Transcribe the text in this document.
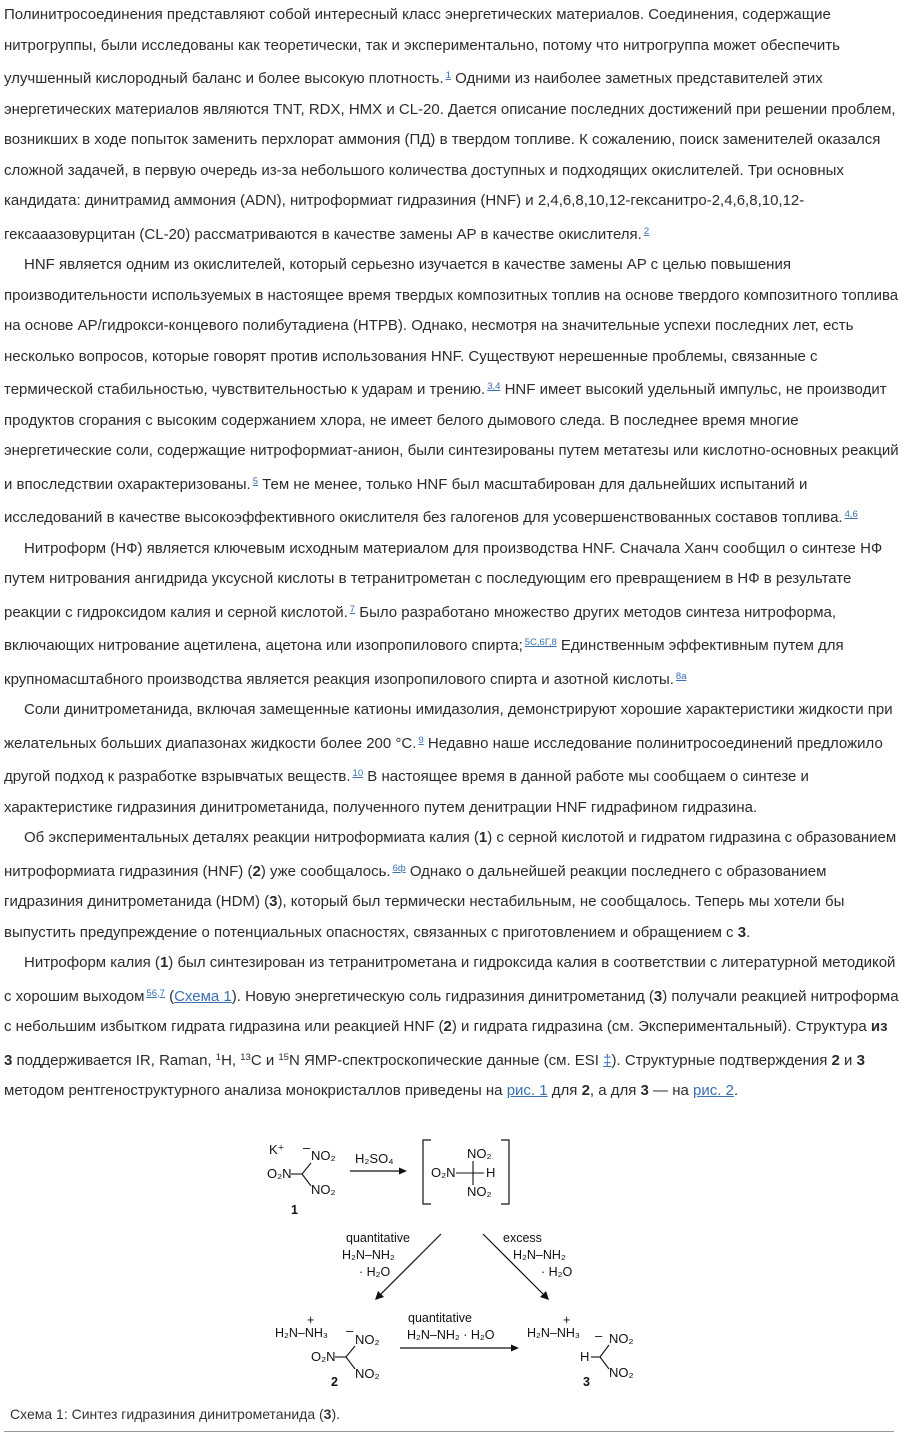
Полинитросоединения представляют собой интересный класс энергетических материалов. Соединения, содержащие нитрогруппы, были исследованы как теоретически, так и экспериментально, потому что нитрогруппа может обеспечить улучшенный кислородный баланс и более высокую плотность. $^1$ Одними из наиболее заметных представителей этих энергетических материалов являются TNT, RDX, HMX и CL-20. Дается описание последних достижений при решении проблем, возникших в ходе попыток заменить перхлорат аммония (ПД) в твердом топливе. К сожалению, поиск заменителей оказался сложной задачей, в первую очередь из-за небольшого количества доступных и подходящих окислителей. Три основных кандидата: динитрамид аммония (ADN), нитроформиат гидразиния (HNF) и 2,4,6,8,10,12-гексанитро-2,4,6,8,10,12-гексааазовурцитан (CL-20) рассматриваются в качестве замены AP в качестве окислителя. $^2$

HNF является одним из окислителей, который серьезно изучается в качестве замены AP с целью повышения производительности используемых в настоящее время твердых композитных топлив на основе твердого композитного топлива на основе AP/гидрокси-концевого полибутадиена (HTPB). Однако, несмотря на значительные успехи последних лет, есть несколько вопросов, которые говорят против использования HNF. Существуют нерешенные проблемы, связанные с термической стабильностью, чувствительностью к ударам и трению. $^{3,4}$ HNF имеет высокий удельный импульс, не производит продуктов сгорания с высоким содержанием хлора, не имеет белого дымового следа. В последнее время многие энергетические соли, содержащие нитроформиат-анион, были синтезированы путем метатезы или кислотно-основных реакций и впоследствии охарактеризованы. $^5$ Тем не менее, только HNF был масштабирован для дальнейших испытаний и исследований в качестве высокоэффективного окислителя без галогенов для усовершенствованных составов топлива. $^{4,6}$

Нитроформ (НФ) является ключевым исходным материалом для производства HNF. Сначала Ханч сообщил о синтезе НФ путем нитрования ангидрида уксусной кислоты в тетранитрометан с последующим его превращением в НФ в результате реакции с гидроксидом калия и серной кислотой. $^7$ Было разработано множество других методов синтеза нитроформа, включающих нитрование ацетилена, ацетона или изопропилового спирта; $^{5С,6Г,8}$ Единственным эффективным путем для крупномасштабного производства является реакция изопропилового спирта и азотной кислоты. $^{8а}$

Соли динитрометанида, включая замещенные катионы имидазолия, демонстрируют хорошие характеристики жидкости при желательных больших диапазонах жидкости более 200 °C. $^9$ Недавно наше исследование полинитросоединений предложило другой подход к разработке взрывчатых веществ. $^{10}$ В настоящее время в данной работе мы сообщаем о синтезе и характеристике гидразиния динитрометанида, полученного путем денитрации HNF гидрафином гидразина.

Об экспериментальных деталях реакции нитроформиата калия (1) с серной кислотой и гидратом гидразина с образованием нитроформиата гидразиния (HNF) (2) уже сообщалось. $^{6ф}$ Однако о дальнейшей реакции последнего с образованием гидразиния динитрометанида (HDM) (3), который был термически нестабильным, не сообщалось. Теперь мы хотели бы выпустить предупреждение о потенциальных опасностях, связанных с приготовлением и обращением с 3.

Нитроформ калия (1) был синтезирован из тетранитрометана и гидроксида калия в соответствии с литературной методикой с хорошим выходом $^{56,7}$ (Схема 1). Новую энергетическую соль гидразиния динитрометанид (3) получали реакцией нитроформа с небольшим избытком гидрата гидразина или реакцией HNF (2) и гидрата гидразина (см. Экспериментальный). Структура из 3 поддерживается IR, Raman, $^1$H, $^{13}$C и $^{15}$N ЯМР-спектроскопические данные (см. ESI ‡). Структурные подтверждения 2 и 3 методом рентгеноструктурного анализа монокристаллов приведены на рис. 1 для 2, а для 3 — на рис. 2.

K⁺ –
NO₂
O₂N
NO₂
1
H₂SO₄	NO₂
O₂N H
NO₂
quantitative
H₂N–NH₂
· H₂O
excess
H₂N–NH₂
· H₂O
+
H₂N–NH₃ –
NO₂
O₂N
NO₂
2
quantitative
H₂N–NH₂ · H₂O
+
H₂N–NH₃ – NO₂
H
NO₂
3
Схема 1: Синтез гидразиния динитрометанида (3).
